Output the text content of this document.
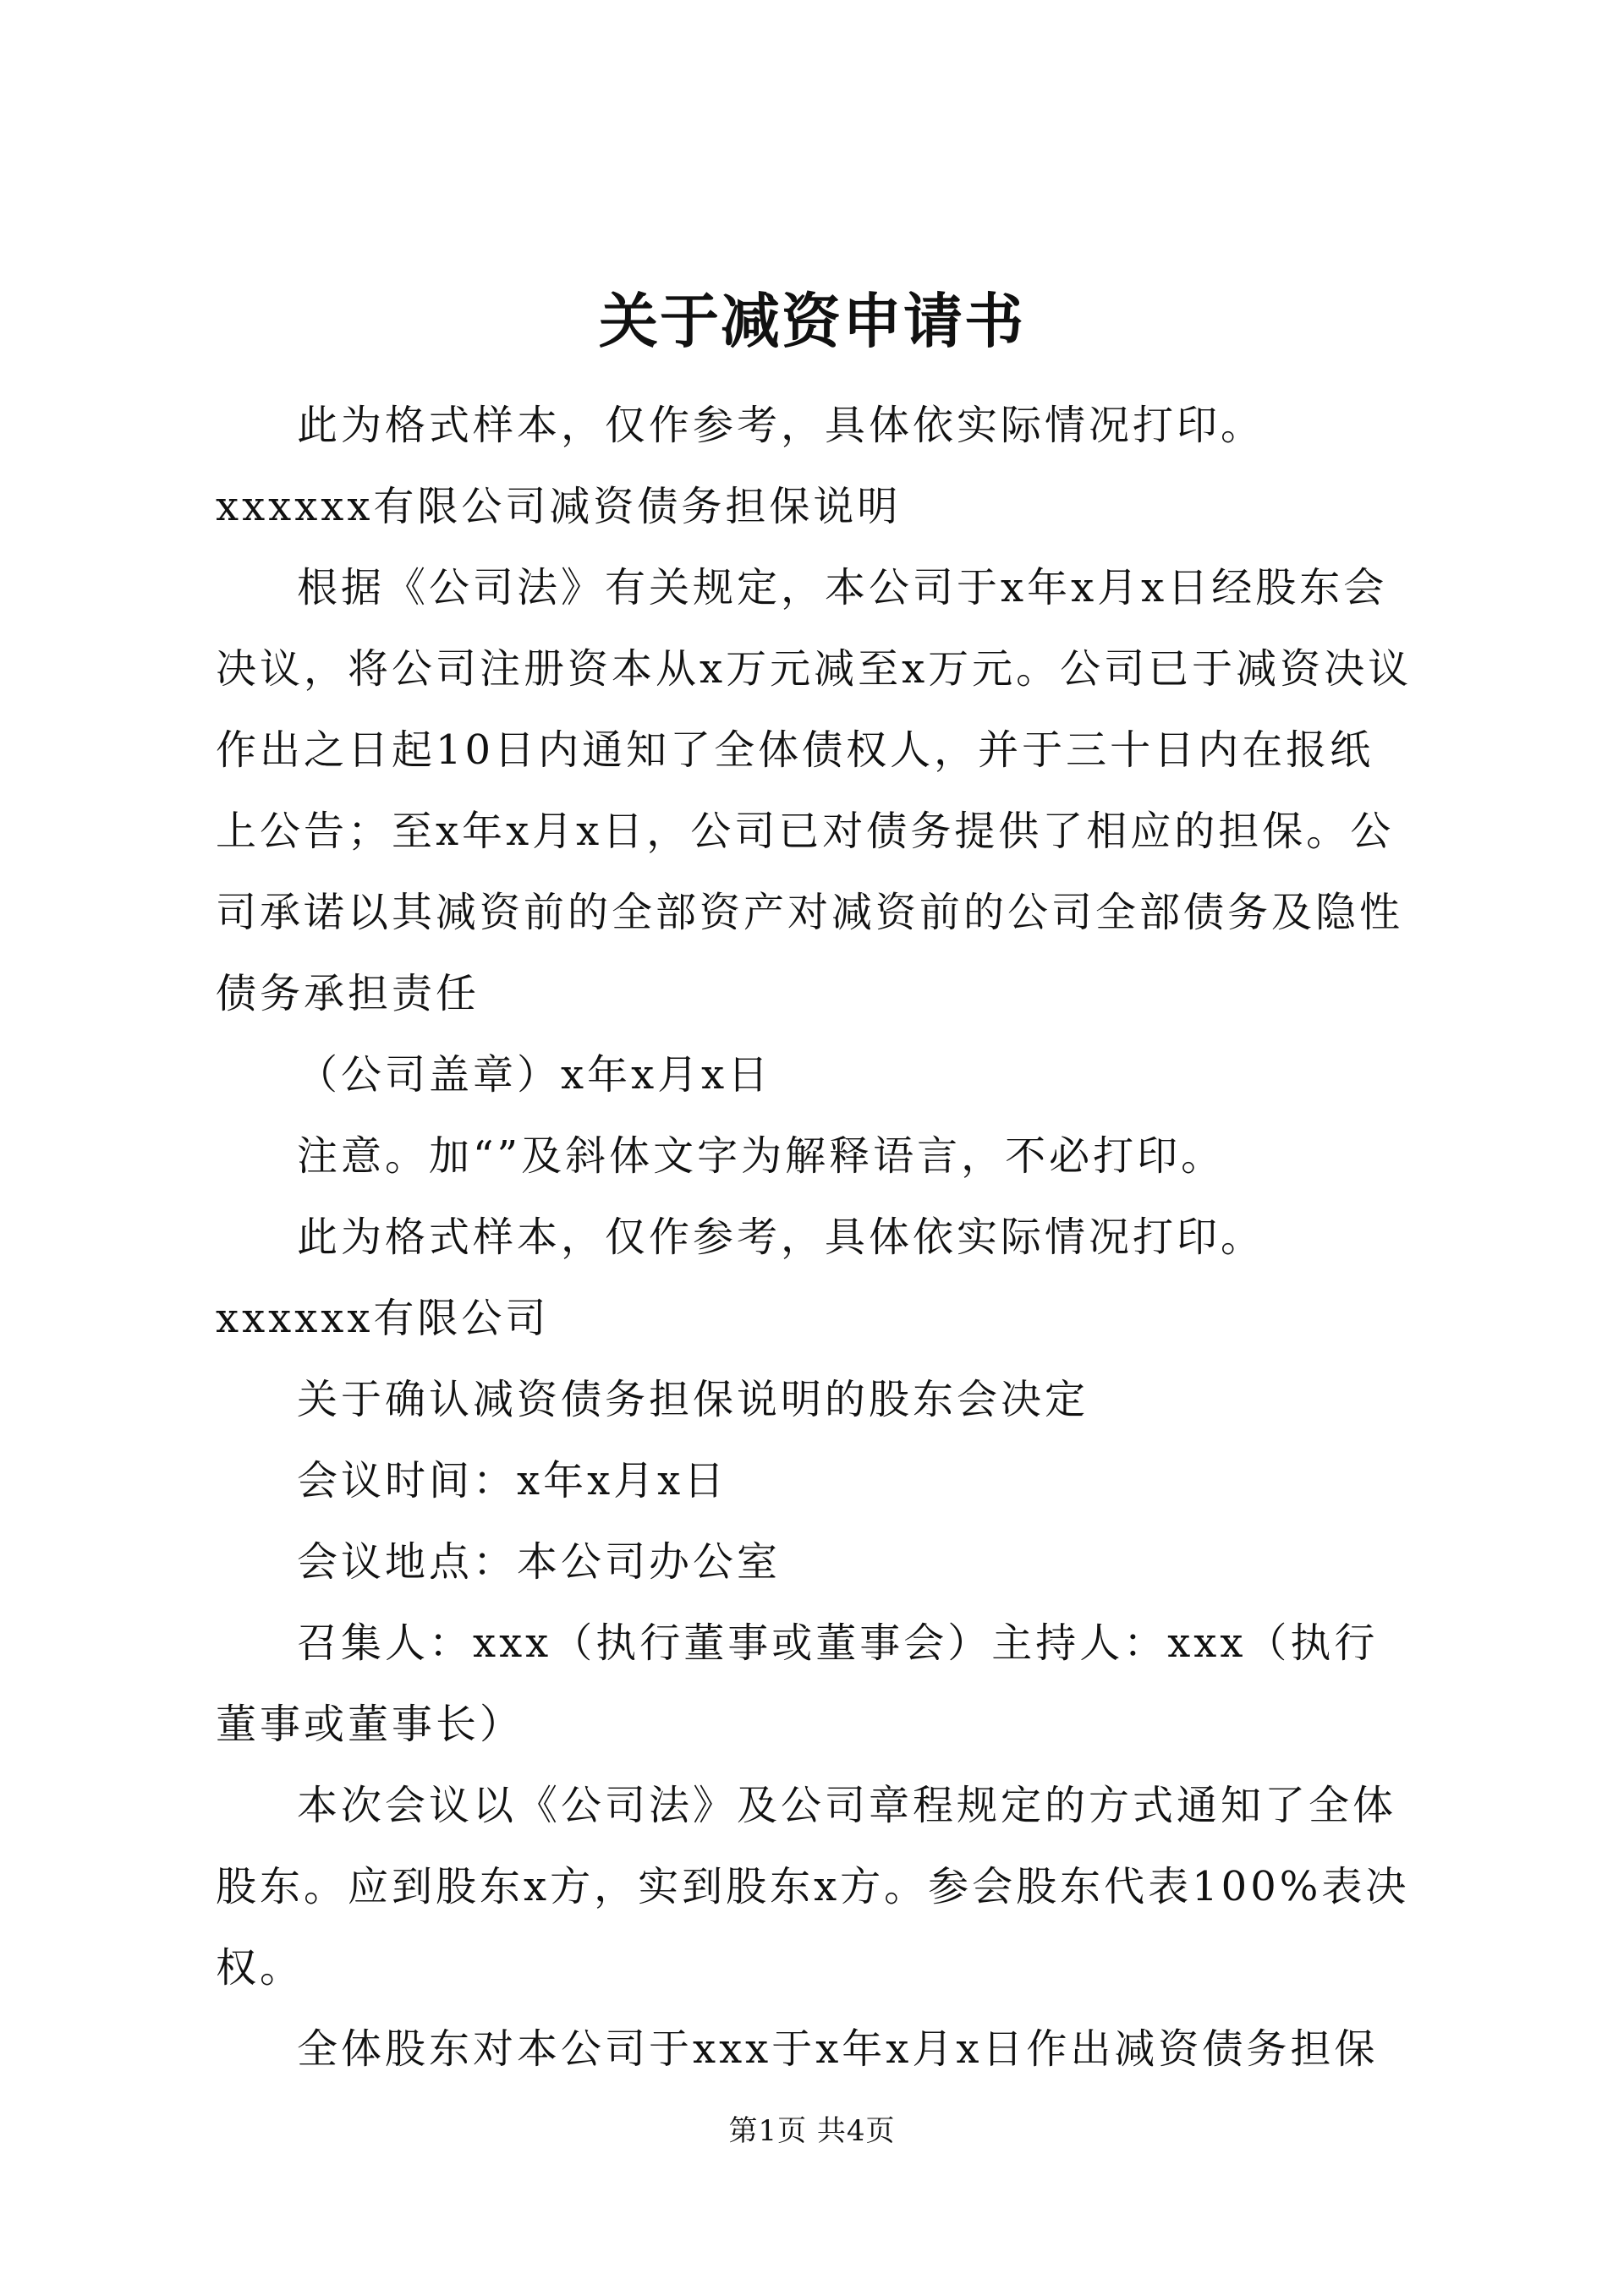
关于减资申请书

此为格式样本，仅作参考，具体依实际情况打印。xxxxxx有限公司减资债务担保说明

根据《公司法》有关规定，本公司于x年x月x日经股东会决议，将公司注册资本从x万元减至x万元。公司已于减资决议作出之日起10日内通知了全体债权人，并于三十日内在报纸上公告；至x年x月x日，公司已对债务提供了相应的担保。公司承诺以其减资前的全部资产对减资前的公司全部债务及隐性债务承担责任

（公司盖章）x年x月x日

注意。加“”及斜体文字为解释语言，不必打印。

此为格式样本，仅作参考，具体依实际情况打印。xxxxxx有限公司

关于确认减资债务担保说明的股东会决定

会议时间：x年x月x日

会议地点：本公司办公室

召集人：xxx（执行董事或董事会）主持人：xxx（执行董事或董事长）

本次会议以《公司法》及公司章程规定的方式通知了全体股东。应到股东x方，实到股东x方。参会股东代表100%表决权。

全体股东对本公司于xxx于x年x月x日作出减资债务担保

第1页 共4页
